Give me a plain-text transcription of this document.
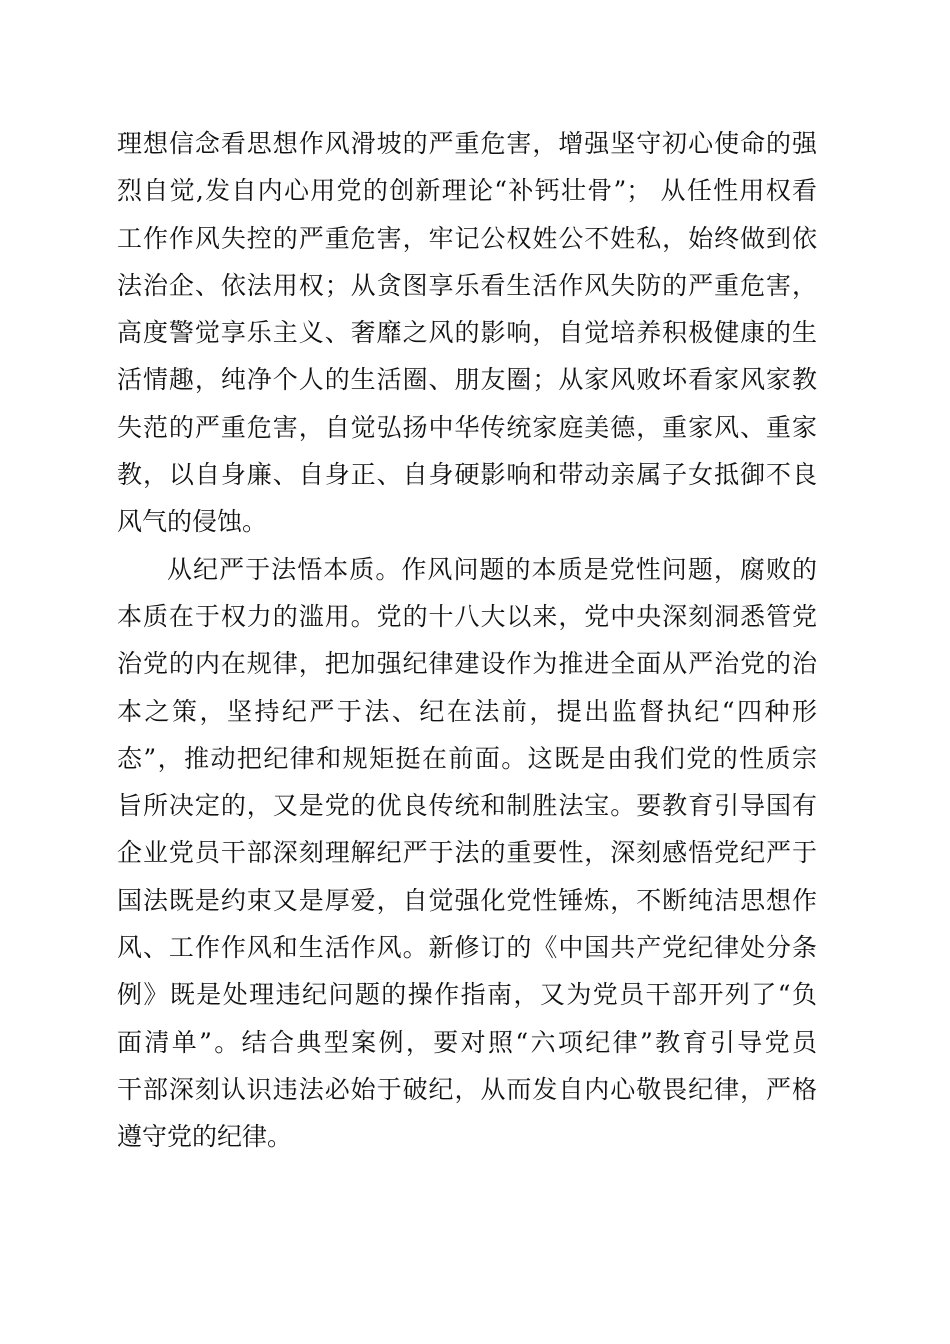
理想信念看思想作风滑坡的严重危害，增强坚守初心使命的强
烈自觉,发自内心用党的创新理论“补钙壮骨”； 从任性用权看
工作作风失控的严重危害，牢记公权姓公不姓私，始终做到依
法治企、依法用权；从贪图享乐看生活作风失防的严重危害，
高度警觉享乐主义、奢靡之风的影响，自觉培养积极健康的生
活情趣，纯净个人的生活圈、朋友圈；从家风败坏看家风家教
失范的严重危害，自觉弘扬中华传统家庭美德，重家风、重家
教，以自身廉、自身正、自身硬影响和带动亲属子女抵御不良
风气的侵蚀。
从纪严于法悟本质。作风问题的本质是党性问题，腐败的
本质在于权力的滥用。党的十八大以来，党中央深刻洞悉管党
治党的内在规律，把加强纪律建设作为推进全面从严治党的治
本之策，坚持纪严于法、纪在法前，提出监督执纪“四种形
态”，推动把纪律和规矩挺在前面。这既是由我们党的性质宗
旨所决定的，又是党的优良传统和制胜法宝。要教育引导国有
企业党员干部深刻理解纪严于法的重要性，深刻感悟党纪严于
国法既是约束又是厚爱，自觉强化党性锤炼，不断纯洁思想作
风、工作作风和生活作风。新修订的《中国共产党纪律处分条
例》既是处理违纪问题的操作指南，又为党员干部开列了“负
面清单”。结合典型案例，要对照“六项纪律”教育引导党员
干部深刻认识违法必始于破纪，从而发自内心敬畏纪律，严格
遵守党的纪律。
